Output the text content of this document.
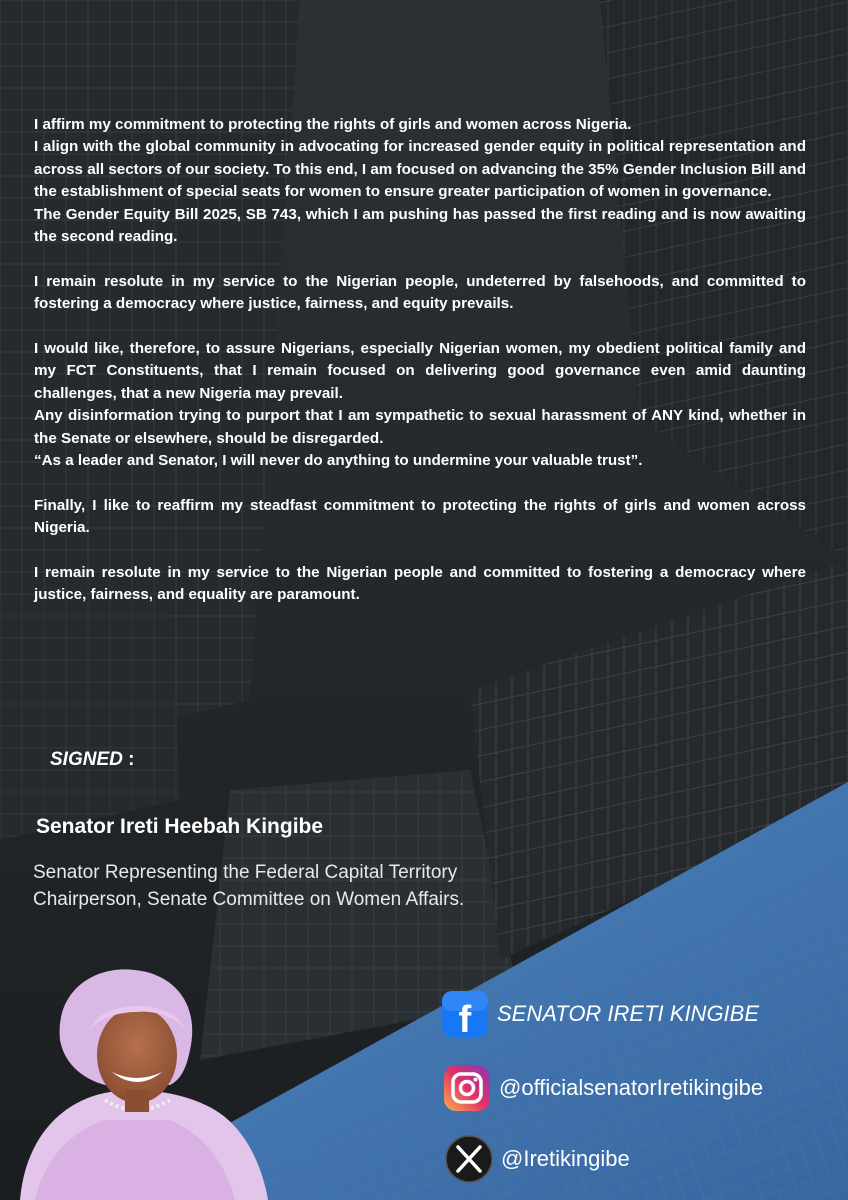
I affirm my commitment to protecting the rights of girls and women across Nigeria.

I align with the global community in advocating for increased gender equity in political representation and across all sectors of our society. To this end, I am focused on advancing the 35% Gender Inclusion Bill and the establishment of special seats for women to ensure greater participation of women in governance.

The Gender Equity Bill 2025, SB 743, which I am pushing has passed the first reading and is now awaiting the second reading.

I remain resolute in my service to the Nigerian people, undeterred by falsehoods, and committed to fostering a democracy where justice, fairness, and equity prevails.

I would like, therefore, to assure Nigerians, especially Nigerian women, my obedient political family and my FCT Constituents, that I remain focused on delivering good governance even amid daunting challenges, that a new Nigeria may prevail.

Any disinformation trying to purport that I am sympathetic to sexual harassment of ANY kind, whether in the Senate or elsewhere, should be disregarded.

“As a leader and Senator, I will never do anything to undermine your valuable trust”.

Finally, I like to reaffirm my steadfast commitment to protecting the rights of girls and women across Nigeria.

I remain resolute in my service to the Nigerian people and committed to fostering a democracy where justice, fairness, and equality are paramount.

SIGNED :
Senator Ireti Heebah Kingibe
Senator Representing the Federal Capital Territory
Chairperson, Senate Committee on Women Affairs.
f SENATOR IRETI KINGIBE
@officialsenatorIretikingibe
@Iretikingibe
